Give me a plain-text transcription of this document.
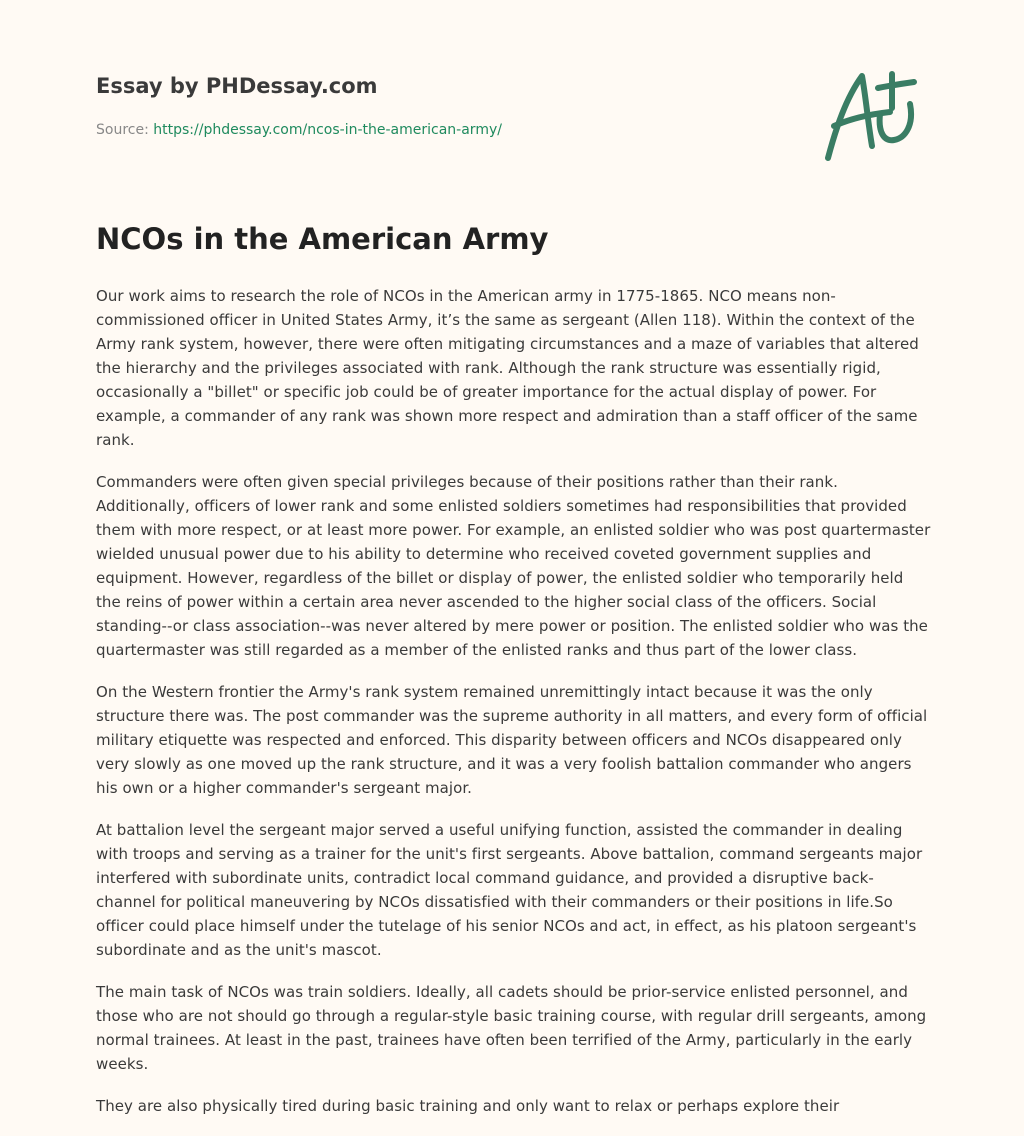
Essay by PHDessay.com

Source: https://phdessay.com/ncos-in-the-american-army/
NCOs in the American Army

Our work aims to research the role of NCOs in the American army in 1775-1865. NCO means non-commissioned officer in United States Army, it’s the same as sergeant (Allen 118). Within the context of the Army rank system, however, there were often mitigating circumstances and a maze of variables that altered the hierarchy and the privileges associated with rank. Although the rank structure was essentially rigid, occasionally a "billet" or specific job could be of greater importance for the actual display of power. For example, a commander of any rank was shown more respect and admiration than a staff officer of the same rank.

Commanders were often given special privileges because of their positions rather than their rank. Additionally, officers of lower rank and some enlisted soldiers sometimes had responsibilities that provided them with more respect, or at least more power. For example, an enlisted soldier who was post quartermaster wielded unusual power due to his ability to determine who received coveted government supplies and equipment. However, regardless of the billet or display of power, the enlisted soldier who temporarily held the reins of power within a certain area never ascended to the higher social class of the officers. Social standing--or class association--was never altered by mere power or position. The enlisted soldier who was the quartermaster was still regarded as a member of the enlisted ranks and thus part of the lower class.

On the Western frontier the Army's rank system remained unremittingly intact because it was the only structure there was. The post commander was the supreme authority in all matters, and every form of official military etiquette was respected and enforced. This disparity between officers and NCOs disappeared only very slowly as one moved up the rank structure, and it was a very foolish battalion commander who angers his own or a higher commander's sergeant major.

At battalion level the sergeant major served a useful unifying function, assisted the commander in dealing with troops and serving as a trainer for the unit's first sergeants. Above battalion, command sergeants major interfered with subordinate units, contradict local command guidance, and provided a disruptive back-channel for political maneuvering by NCOs dissatisfied with their commanders or their positions in life.So officer could place himself under the tutelage of his senior NCOs and act, in effect, as his platoon sergeant's subordinate and as the unit's mascot.

The main task of NCOs was train soldiers. Ideally, all cadets should be prior-service enlisted personnel, and those who are not should go through a regular-style basic training course, with regular drill sergeants, among normal trainees. At least in the past, trainees have often been terrified of the Army, particularly in the early weeks.

They are also physically tired during basic training and only want to relax or perhaps explore their
